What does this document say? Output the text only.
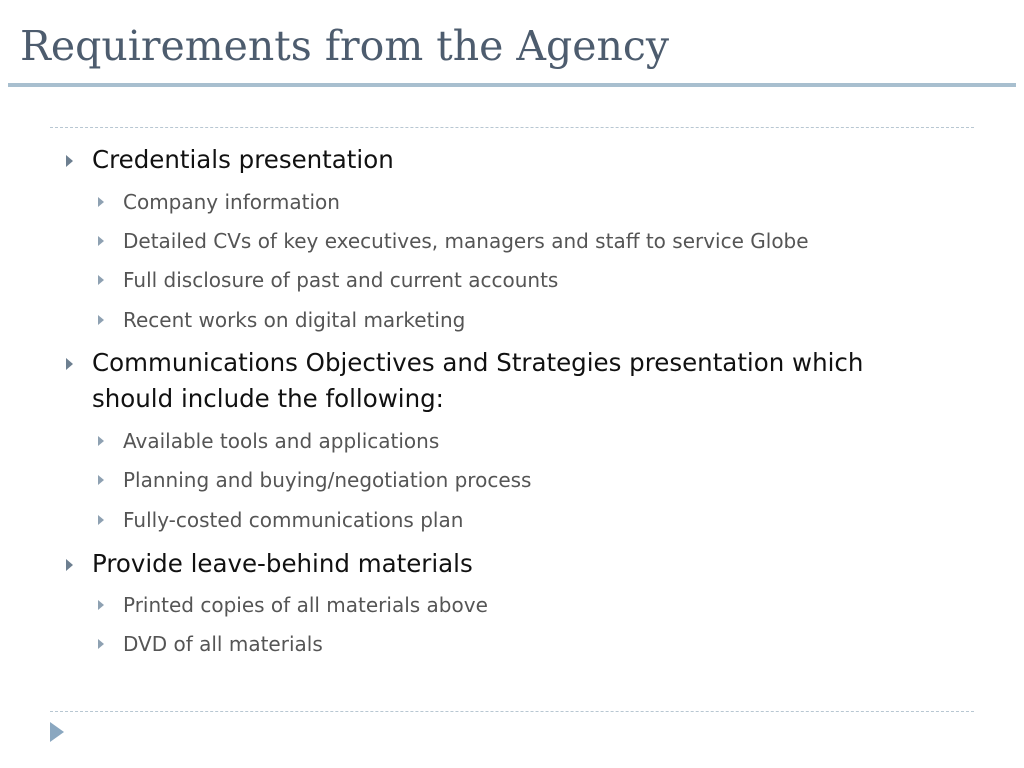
Requirements from the Agency
Credentials presentation
Company information
Detailed CVs of key executives, managers and staff to service Globe
Full disclosure of past and current accounts
Recent works on digital marketing
Communications Objectives and Strategies presentation which
should include the following:
Available tools and applications
Planning and buying/negotiation process
Fully-costed communications plan
Provide leave-behind materials
Printed copies of all materials above
DVD of all materials
